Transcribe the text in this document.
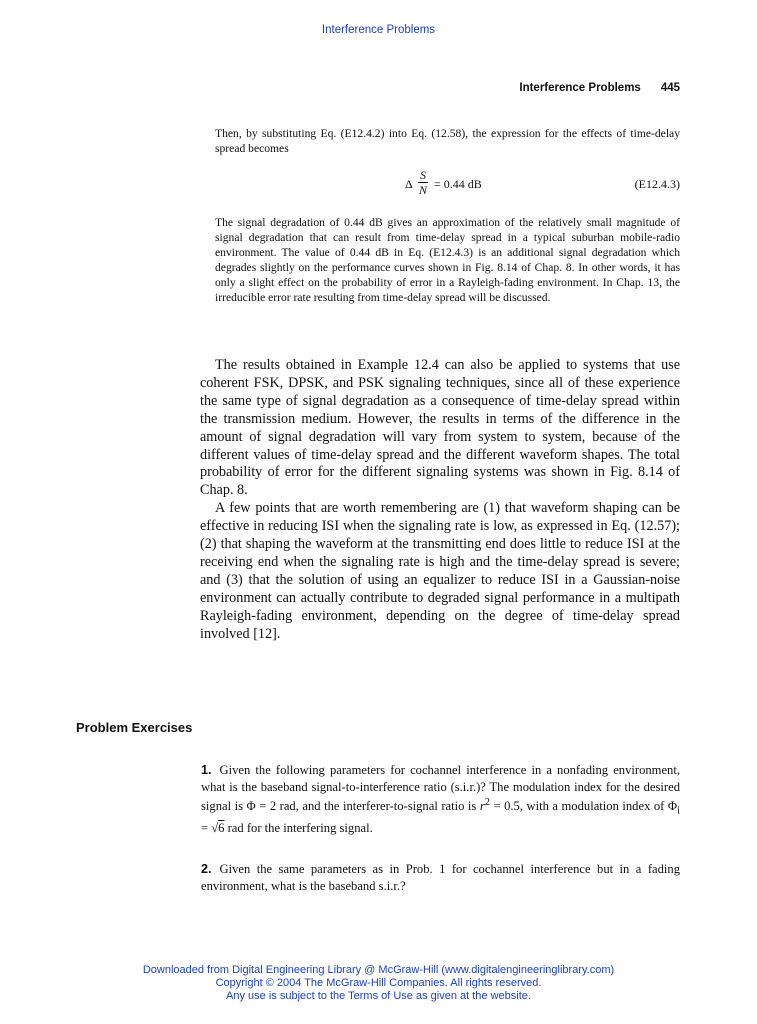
Interference Problems
Interference Problems 445
Then, by substituting Eq. (E12.4.2) into Eq. (12.58), the expression for the effects of time-delay spread becomes
Δ $\frac{S}{N} = 0.44$ dB	(E12.4.3)
The signal degradation of 0.44 dB gives an approximation of the relatively small magnitude of signal degradation that can result from time-delay spread in a typical suburban mobile-radio environment. The value of 0.44 dB in Eq. (E12.4.3) is an additional signal degradation which degrades slightly on the performance curves shown in Fig. 8.14 of Chap. 8. In other words, it has only a slight effect on the probability of error in a Rayleigh-fading environment. In Chap. 13, the irreducible error rate resulting from time-delay spread will be discussed.

The results obtained in Example 12.4 can also be applied to systems that use coherent FSK, DPSK, and PSK signaling techniques, since all of these experience the same type of signal degradation as a consequence of time-delay spread within the transmission medium. However, the results in terms of the difference in the amount of signal degradation will vary from system to system, because of the different values of time-delay spread and the different waveform shapes. The total probability of error for the different signaling systems was shown in Fig. 8.14 of Chap. 8.

A few points that are worth remembering are (1) that waveform shaping can be effective in reducing ISI when the signaling rate is low, as expressed in Eq. (12.57); (2) that shaping the waveform at the transmitting end does little to reduce ISI at the receiving end when the signaling rate is high and the time-delay spread is severe; and (3) that the solution of using an equalizer to reduce ISI in a Gaussian-noise environment can actually contribute to degraded signal performance in a multipath Rayleigh-fading environment, depending on the degree of time-delay spread involved [12].

Problem Exercises
1. Given the following parameters for cochannel interference in a nonfading environment, what is the baseband signal-to-interference ratio (s.i.r.)? The modulation index for the desired signal is Φ = 2 rad, and the interferer-to-signal ratio is $r^2 = 0.5$, with a modulation index of $\Phi_i = √6$ rad for the interfering signal.
2. Given the same parameters as in Prob. 1 for cochannel interference but in a fading environment, what is the baseband s.i.r.?
Downloaded from Digital Engineering Library @ McGraw-Hill (www.digitalengineeringlibrary.com)
Copyright © 2004 The McGraw-Hill Companies. All rights reserved.
Any use is subject to the Terms of Use as given at the website.
